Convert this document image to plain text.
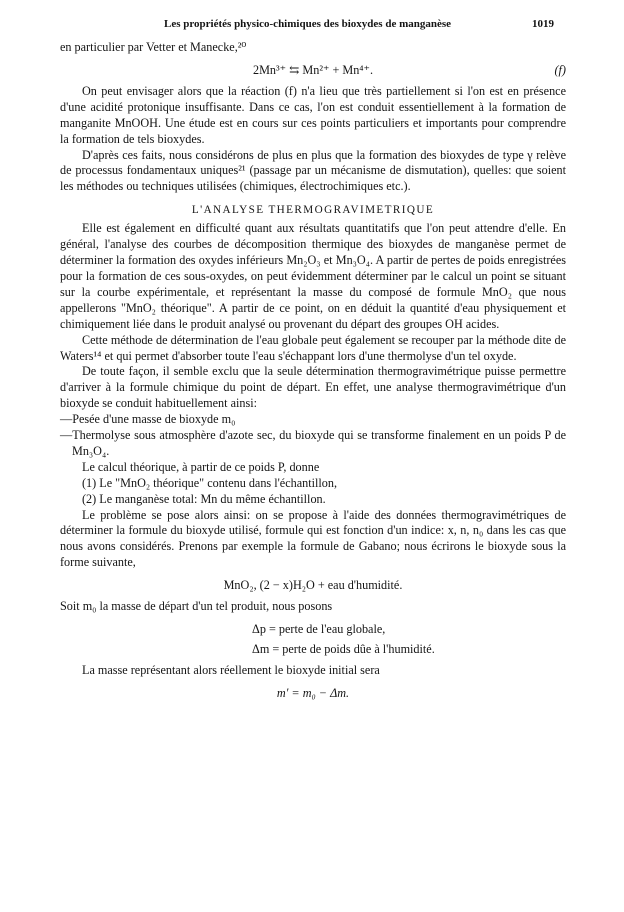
Les propriétés physico-chimiques des bioxydes de manganèse	1019

en particulier par Vetter et Manecke,²⁰

2Mn³⁺ ⇆ Mn²⁺ + Mn⁴⁺.	(f)

On peut envisager alors que la réaction (f) n'a lieu que très partiellement si l'on est en présence d'une acidité protonique insuffisante. Dans ce cas, l'on est conduit essentiellement à la formation de manganite MnOOH. Une étude est en cours sur ces points particuliers et importants pour comprendre la formation de tels bioxydes.

D'après ces faits, nous considérons de plus en plus que la formation des bioxydes de type γ relève de processus fondamentaux uniques²¹ (passage par un mécanisme de dismutation), quelles: que soient les méthodes ou techniques utilisées (chimiques, électrochimiques etc.).

L'ANALYSE THERMOGRAVIMETRIQUE

Elle est également en difficulté quant aux résultats quantitatifs que l'on peut attendre d'elle. En général, l'analyse des courbes de décomposition thermique des bioxydes de manganèse permet de déterminer la formation des oxydes inférieurs Mn₂O₃ et Mn₃O₄. A partir de pertes de poids enregistrées pour la formation de ces sous-oxydes, on peut évidemment déterminer par le calcul un point se situant sur la courbe expérimentale, et représentant la masse du composé de formule MnO₂ que nous appellerons "MnO₂ théorique". A partir de ce point, on en déduit la quantité d'eau physiquement et chimiquement liée dans le produit analysé ou provenant du départ des groupes OH acides.

Cette méthode de détermination de l'eau globale peut également se recouper par la méthode dite de Waters¹⁴ et qui permet d'absorber toute l'eau s'échappant lors d'une thermolyse d'un tel oxyde.

De toute façon, il semble exclu que la seule détermination thermogravimétrique puisse permettre d'arriver à la formule chimique du point de départ. En effet, une analyse thermogravimétrique d'un bioxyde se conduit habituellement ainsi:

—Pesée d'une masse de bioxyde m₀

—Thermolyse sous atmosphère d'azote sec, du bioxyde qui se transforme finalement en un poids P de Mn₃O₄.

Le calcul théorique, à partir de ce poids P, donne

(1) Le "MnO₂ théorique" contenu dans l'échantillon,

(2) Le manganèse total: Mn du même échantillon.

Le problème se pose alors ainsi: on se propose à l'aide des données thermogravimétriques de déterminer la formule du bioxyde utilisé, formule qui est fonction d'un indice: x, n, n₀ dans les cas que nous avons considérés. Prenons par exemple la formule de Gabano; nous écrirons le bioxyde sous la forme suivante,

MnO₂, (2 − x)H₂O + eau d'humidité.

Soit m₀ la masse de départ d'un tel produit, nous posons

Δp = perte de l'eau globale,
Δm = perte de poids dûe à l'humidité.

La masse représentant alors réellement le bioxyde initial sera

m′ = m₀ − Δm.
